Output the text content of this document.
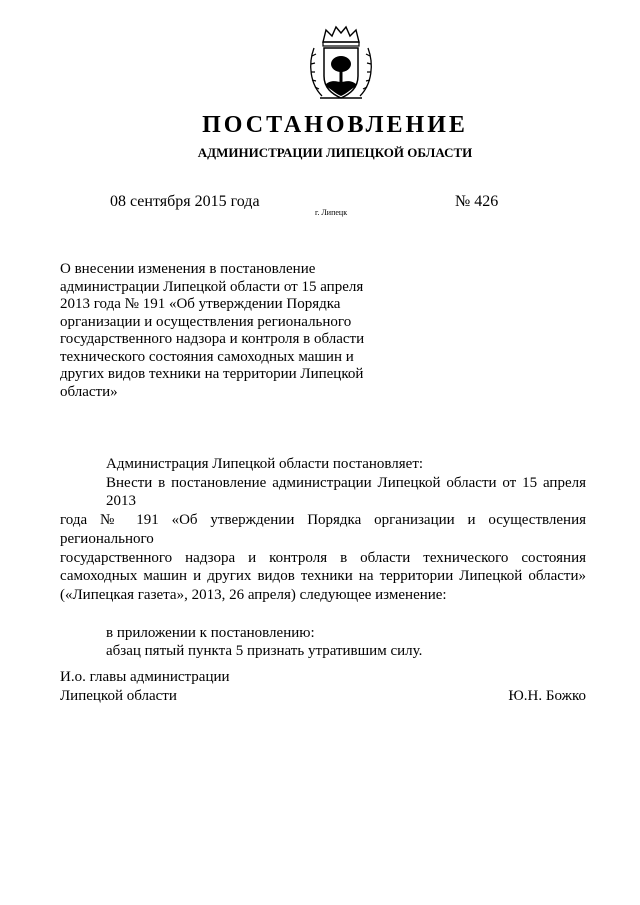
ПОСТАНОВЛЕНИЕ
АДМИНИСТРАЦИИ ЛИПЕЦКОЙ ОБЛАСТИ
08 сентября 2015 года
г. Липецк
№ 426
О внесении изменения в постановление
администрации Липецкой области от 15 апреля
2013 года № 191 «Об утверждении Порядка
организации и осуществления регионального
государственного надзора и контроля в области
технического состояния самоходных машин и
других видов техники на территории Липецкой
области»
Администрация Липецкой области постановляет:
Внести в постановление администрации Липецкой области от 15 апреля 2013
года № 191 «Об утверждении Порядка организации и осуществления регионального
государственного надзора и контроля в области технического состояния
самоходных машин и других видов техники на территории Липецкой области»
(«Липецкая газета», 2013, 26 апреля) следующее изменение:
в приложении к постановлению:
абзац пятый пункта 5 признать утратившим силу.
И.о. главы администрации
Липецкой области	Ю.Н. Божко
